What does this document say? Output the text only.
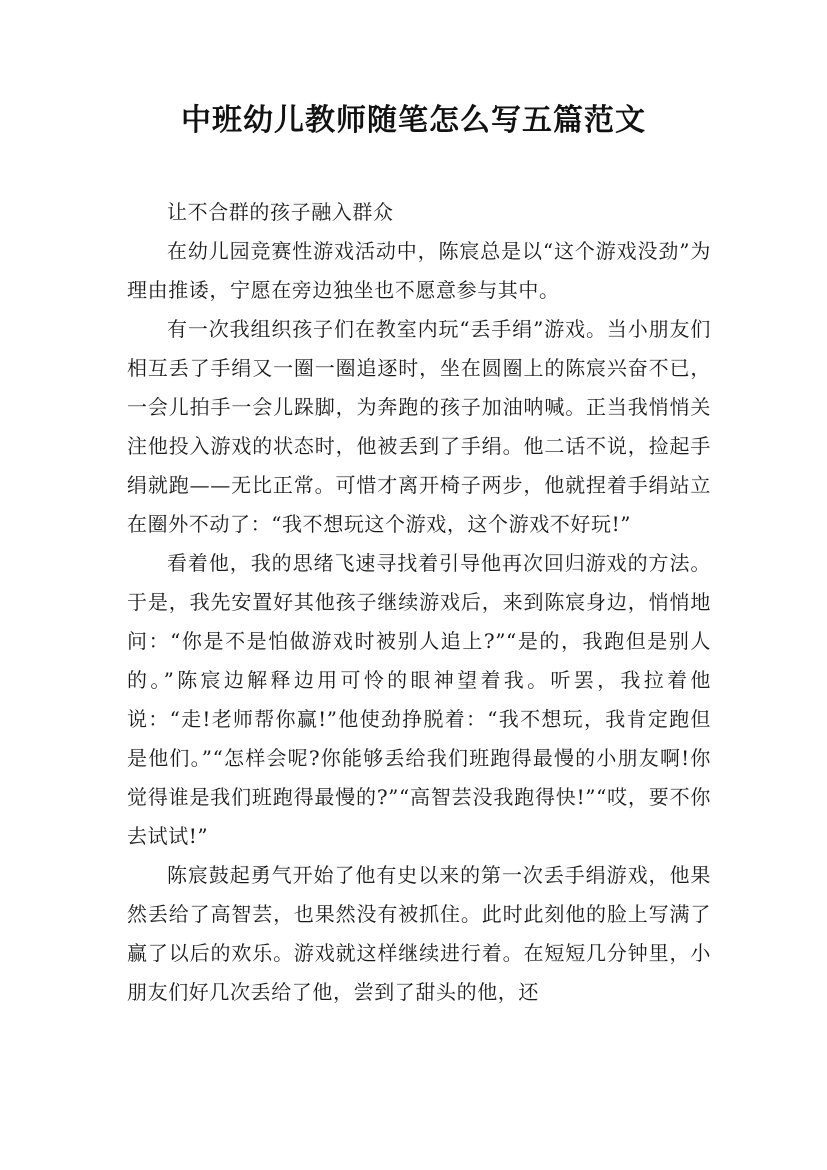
中班幼儿教师随笔怎么写五篇范文

让不合群的孩子融入群众

在幼儿园竞赛性游戏活动中，陈宸总是以“这个游戏没劲”为理由推诿，宁愿在旁边独坐也不愿意参与其中。

有一次我组织孩子们在教室内玩“丢手绢”游戏。当小朋友们相互丢了手绢又一圈一圈追逐时，坐在圆圈上的陈宸兴奋不已，一会儿拍手一会儿跺脚，为奔跑的孩子加油呐喊。正当我悄悄关注他投入游戏的状态时，他被丢到了手绢。他二话不说，捡起手绢就跑——无比正常。可惜才离开椅子两步，他就捏着手绢站立在圈外不动了：“我不想玩这个游戏，这个游戏不好玩!”

看着他，我的思绪飞速寻找着引导他再次回归游戏的方法。于是，我先安置好其他孩子继续游戏后，来到陈宸身边，悄悄地问：“你是不是怕做游戏时被别人追上?”“是的，我跑但是别人的。”陈宸边解释边用可怜的眼神望着我。听罢，我拉着他说：“走!老师帮你赢!”他使劲挣脱着：“我不想玩，我肯定跑但是他们。”“怎样会呢?你能够丢给我们班跑得最慢的小朋友啊!你觉得谁是我们班跑得最慢的?”“高智芸没我跑得快!”“哎，要不你去试试!”

陈宸鼓起勇气开始了他有史以来的第一次丢手绢游戏，他果然丢给了高智芸，也果然没有被抓住。此时此刻他的脸上写满了赢了以后的欢乐。游戏就这样继续进行着。在短短几分钟里，小朋友们好几次丢给了他，尝到了甜头的他，还
